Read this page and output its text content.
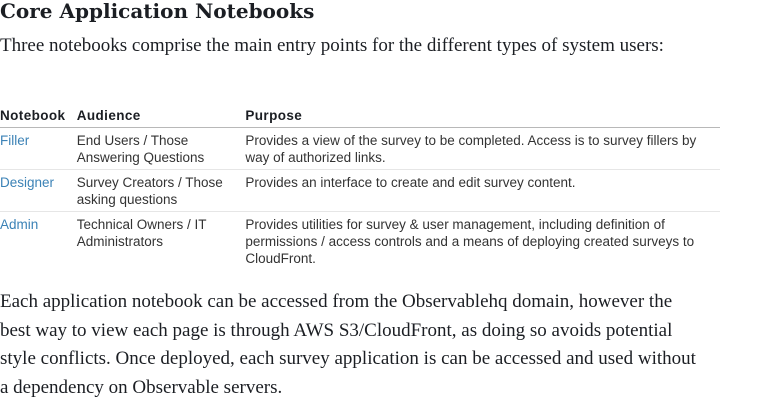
Core Application Notebooks

Three notebooks comprise the main entry points for the different types of system users:

Notebook	Audience	Purpose
Filler	End Users / Those Answering Questions	Provides a view of the survey to be completed. Access is to survey fillers by way of authorized links.
Designer	Survey Creators / Those asking questions	Provides an interface to create and edit survey content.
Admin	Technical Owners / IT Administrators	Provides utilities for survey & user management, including definition of permissions / access controls and a means of deploying created surveys to CloudFront.

Each application notebook can be accessed from the Observablehq domain, however the best way to view each page is through AWS S3/CloudFront, as doing so avoids potential style conflicts. Once deployed, each survey application is can be accessed and used without a dependency on Observable servers.
